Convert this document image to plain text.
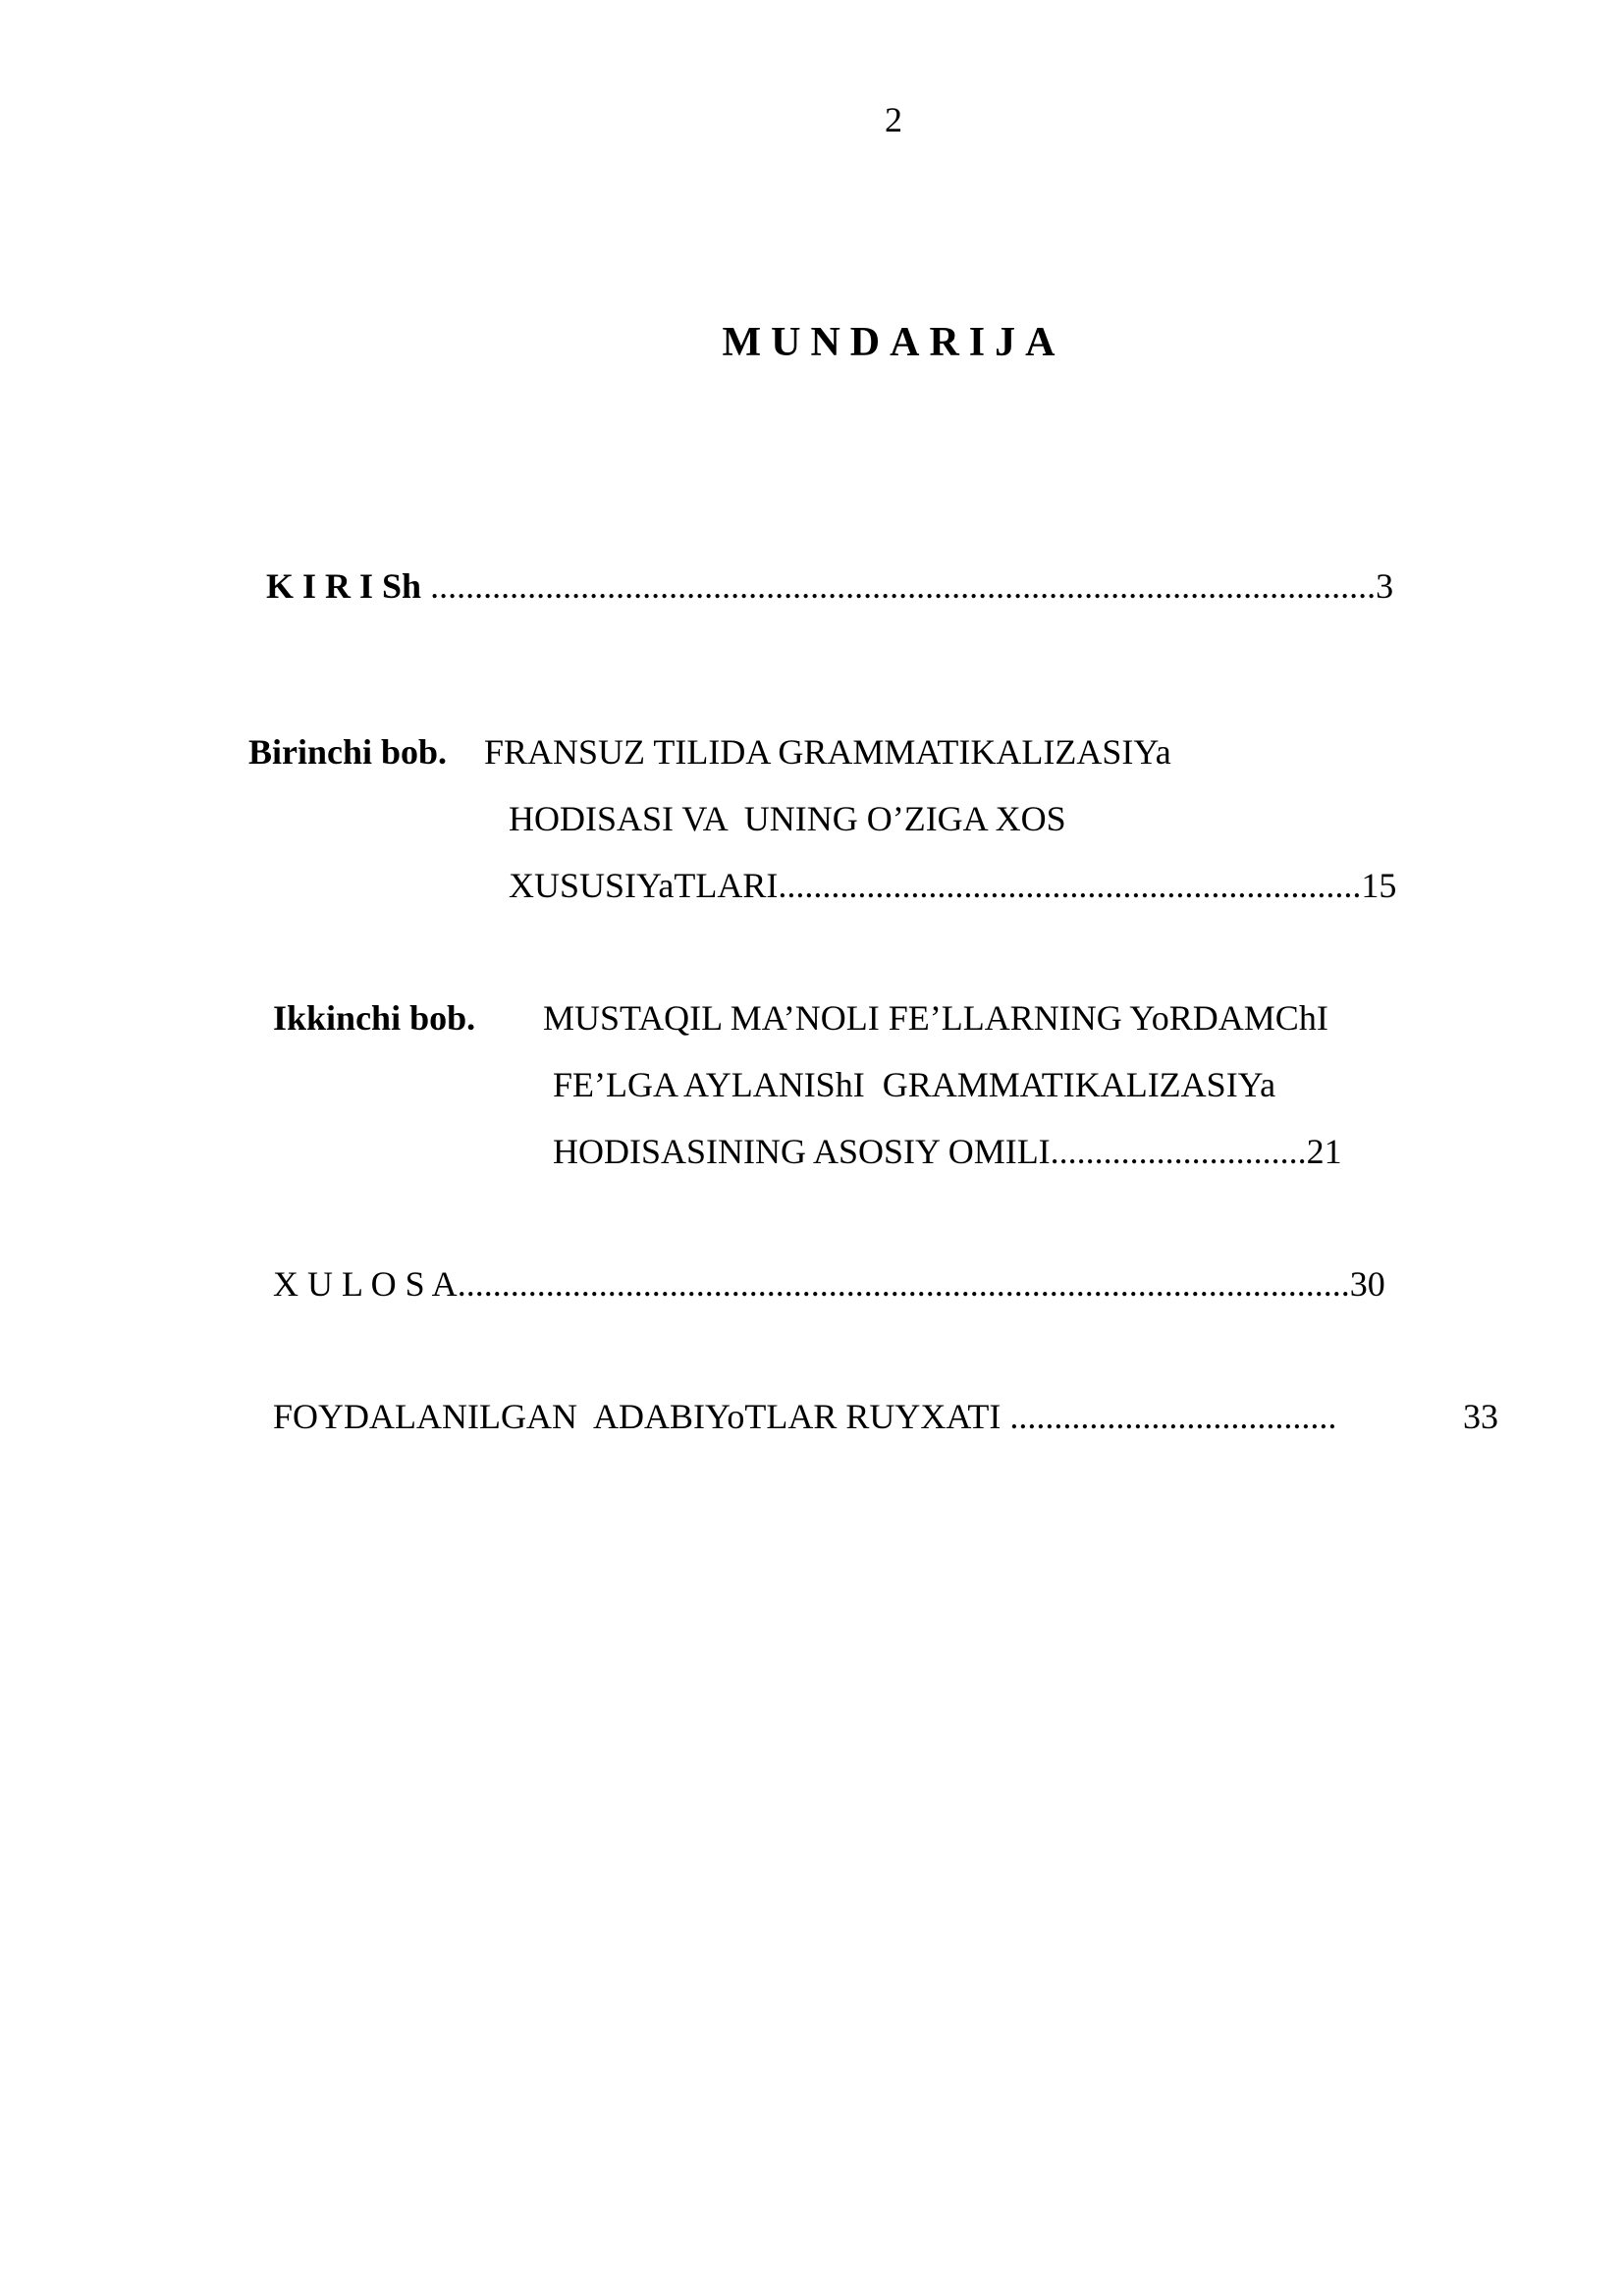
2
MUNDARIJA

K I R I Sh ...........................................................................................................3

Birinchi bob. FRANSUZ TILIDA GRAMMATIKALIZASIYa
HODISASI VA  UNING O’ZIGA XOS
XUSUSIYaTLARI..................................................................15
Ikkinchi bob. MUSTAQIL MA’NOLI FE’LLARNING YoRDAMChI
FE’LGA AYLANIShI  GRAMMATIKALIZASIYa
HODISASINING ASOSIY OMILI.............................21
X U L O S A.....................................................................................................30
FOYDALANILGAN  ADABIYoTLAR RUYXATI .....................................	33
